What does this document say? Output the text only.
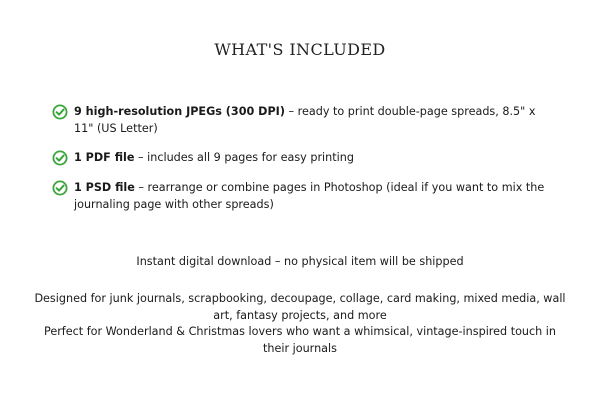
WHAT'S INCLUDED
9 high-resolution JPEGs (300 DPI) – ready to print double-page spreads, 8.5" x 11" (US Letter)
1 PDF file – includes all 9 pages for easy printing
1 PSD file – rearrange or combine pages in Photoshop (ideal if you want to mix the journaling page with other spreads)
Instant digital download – no physical item will be shipped
Designed for junk journals, scrapbooking, decoupage, collage, card making, mixed media, wall art, fantasy projects, and more
Perfect for Wonderland & Christmas lovers who want a whimsical, vintage-inspired touch in their journals
